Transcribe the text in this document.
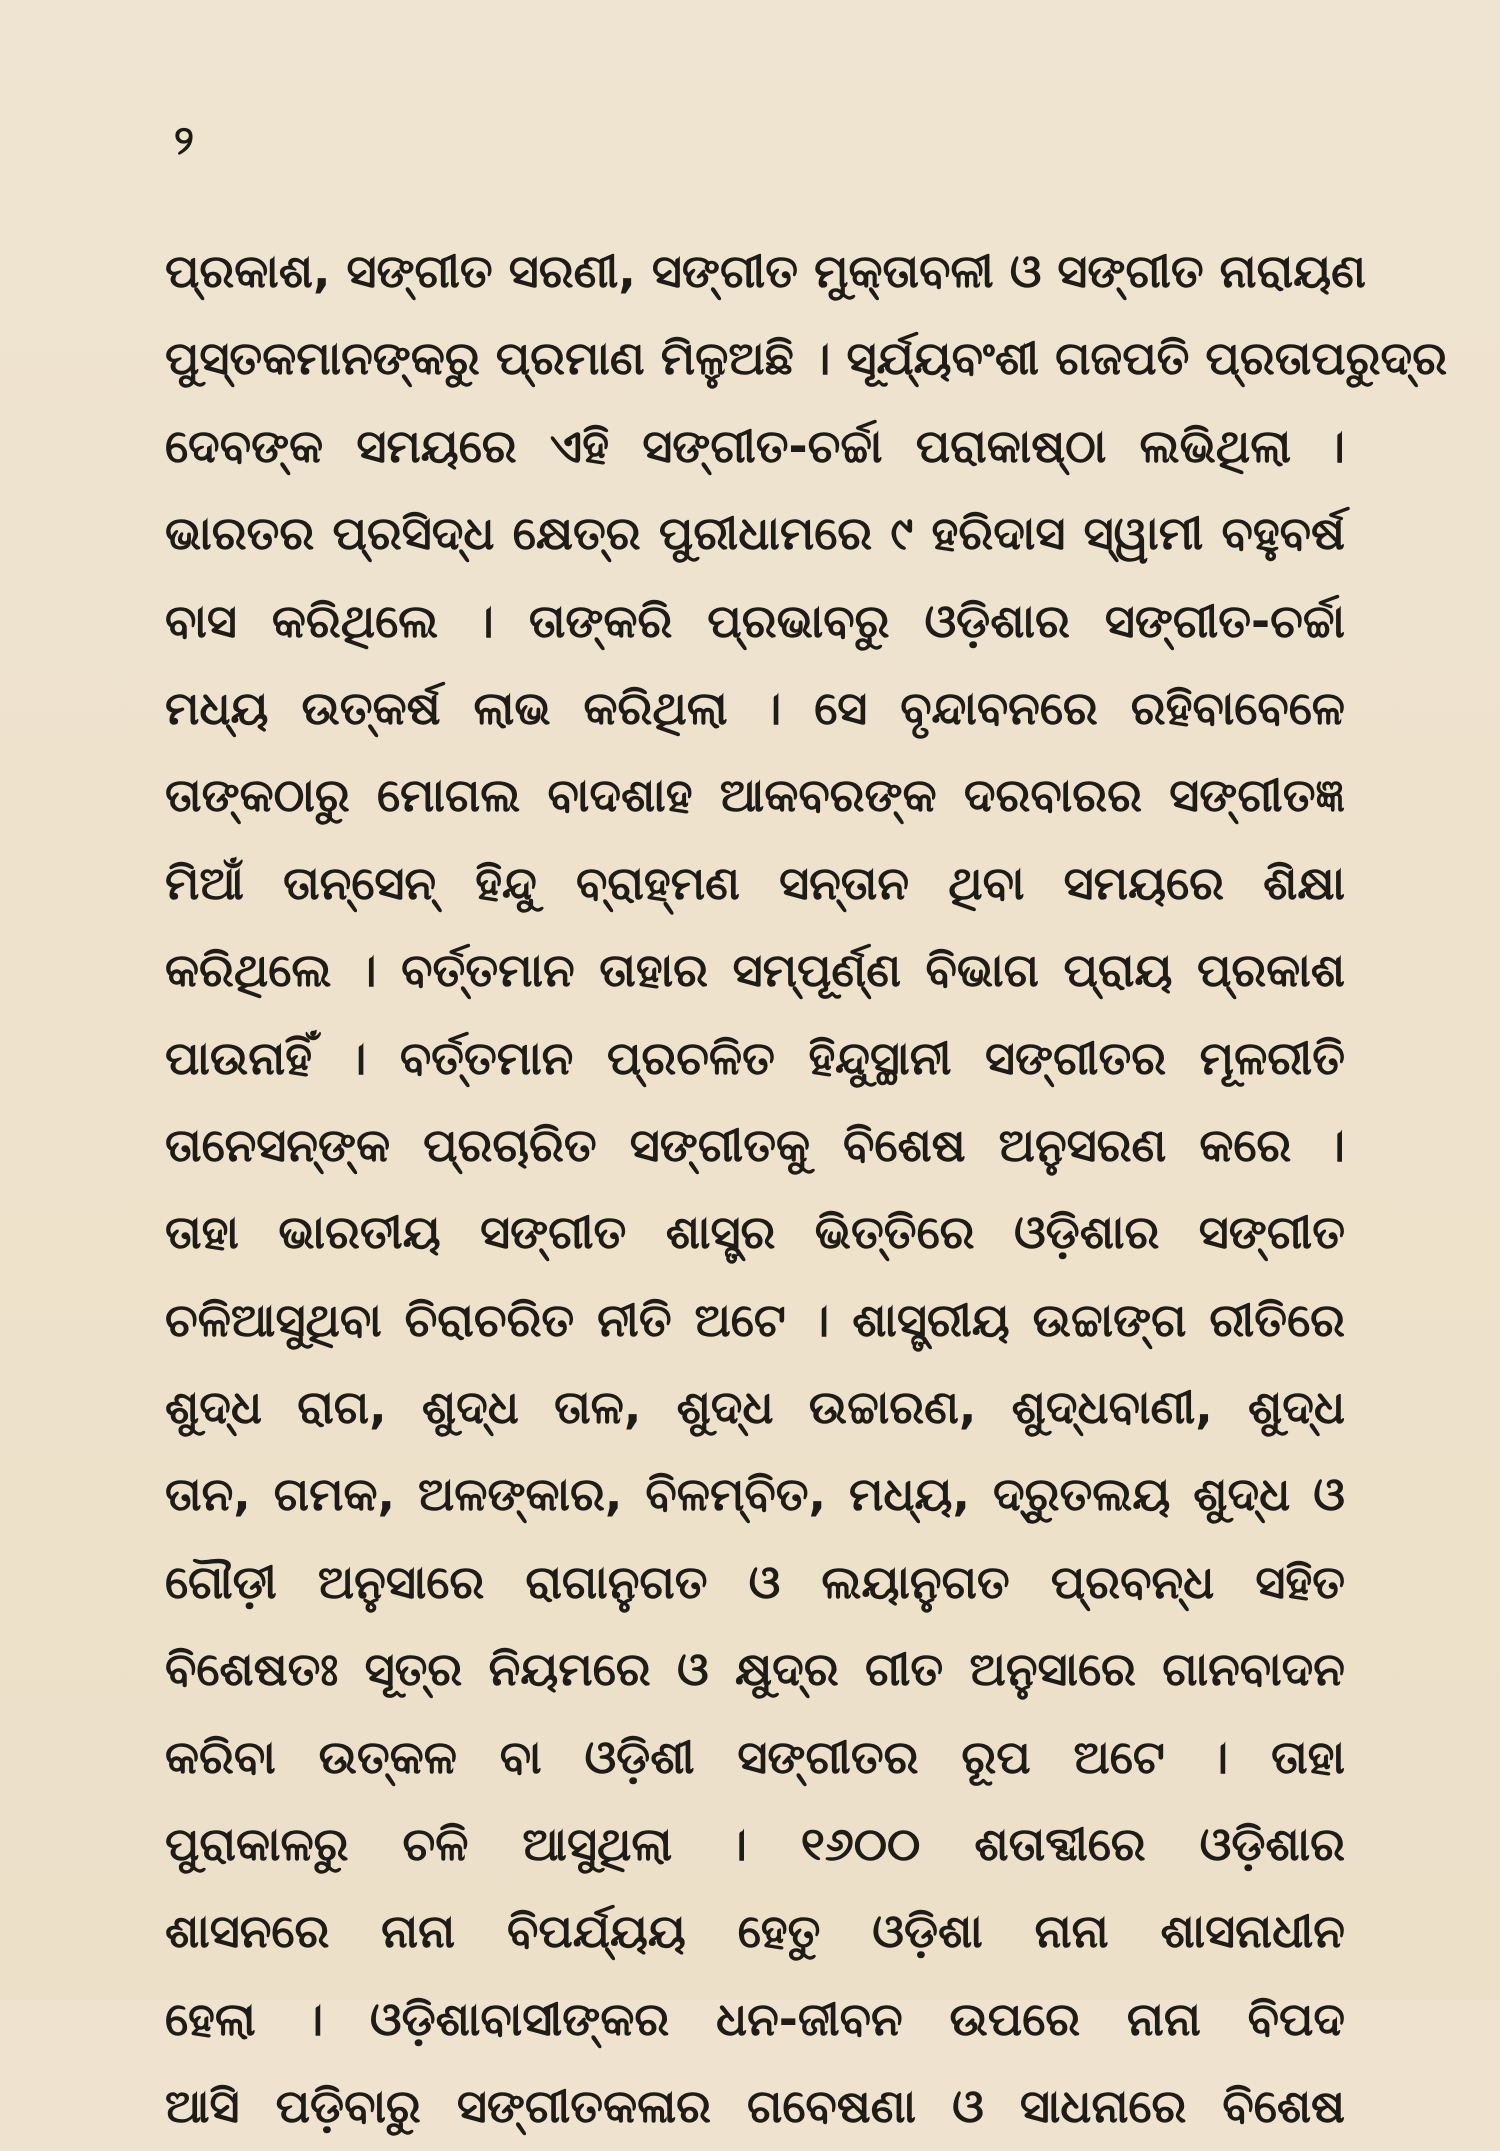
୨
ପ୍ରକାଶ, ସଙ୍ଗୀତ ସରଣୀ, ସଙ୍ଗୀତ ମୁକ୍ତାବଳୀ ଓ ସଙ୍ଗୀତ ନାରାୟଣ
ପୁସ୍ତକମାନଙ୍କରୁ ପ୍ରମାଣ ମିଳୁଅଛି । ସୂର୍ଯ୍ୟବଂଶୀ ଗଜପତି ପ୍ରତାପରୁଦ୍ର
ଦେବଙ୍କ ସମୟରେ ଏହି ସଙ୍ଗୀତ-ଚର୍ଚ୍ଚା ପରାକାଷ୍ଠା ଲଭିଥିଲା ।
ଭାରତର ପ୍ରସିଦ୍ଧ କ୍ଷେତ୍ର ପୁରୀଧାମରେ ୯ ହରିଦାସ ସ୍ୱାମୀ ବହୁବର୍ଷ
ବାସ କରିଥିଲେ । ତାଙ୍କରି ପ୍ରଭାବରୁ ଓଡ଼ିଶାର ସଙ୍ଗୀତ-ଚର୍ଚ୍ଚା
ମଧ୍ୟ ଉତ୍କର୍ଷ ଲାଭ କରିଥିଲା । ସେ ବୃନ୍ଦାବନରେ ରହିବାବେଳେ
ତାଙ୍କଠାରୁ ମୋଗଲ ବାଦଶାହ ଆକବରଙ୍କ ଦରବାରର ସଙ୍ଗୀତଜ୍ଞ
ମିଆଁ ତାନ୍‌ସେନ୍ ହିନ୍ଦୁ ବ୍ରାହ୍ମଣ ସନ୍ତାନ ଥିବା ସମୟରେ ଶିକ୍ଷା
କରିଥିଲେ । ବର୍ତ୍ତମାନ ତାହାର ସମ୍ପୂର୍ଣ୍ଣ ବିଭାଗ ପ୍ରାୟ ପ୍ରକାଶ
ପାଉନାହିଁ । ବର୍ତ୍ତମାନ ପ୍ରଚଳିତ ହିନ୍ଦୁସ୍ଥାନୀ ସଙ୍ଗୀତର ମୂଳରୀତି
ତାନେସନ୍‌ଙ୍କ ପ୍ରଚାରିତ ସଙ୍ଗୀତକୁ ବିଶେଷ ଅନୁସରଣ କରେ ।
ତାହା ଭାରତୀୟ ସଙ୍ଗୀତ ଶାସ୍ତ୍ର ଭିତ୍ତିରେ ଓଡ଼ିଶାର ସଙ୍ଗୀତ
ଚଳିଆସୁଥିବା ଚିରାଚରିତ ନୀତି ଅଟେ । ଶାସ୍ତ୍ରୀୟ ଉଚ୍ଚାଙ୍ଗ ରୀତିରେ
ଶୁଦ୍ଧ ରାଗ, ଶୁଦ୍ଧ ତାଳ, ଶୁଦ୍ଧ ଉଚ୍ଚାରଣ, ଶୁଦ୍ଧବାଣୀ, ଶୁଦ୍ଧ
ତାନ, ଗମକ, ଅଳଙ୍କାର, ବିଳମ୍ବିତ, ମଧ୍ୟ, ଦ୍ରୁତଲୟ ଶୁଦ୍ଧ ଓ
ଗୌଡ଼ୀ ଅନୁସାରେ ରାଗାନୁଗତ ଓ ଲୟାନୁଗତ ପ୍ରବନ୍ଧ ସହିତ
ବିଶେଷତଃ ସୂତ୍ର ନିୟମରେ ଓ କ୍ଷୁଦ୍ର ଗୀତ ଅନୁସାରେ ଗାନବାଦନ
କରିବା ଉତ୍କଳ ବା ଓଡ଼ିଶୀ ସଙ୍ଗୀତର ରୂପ ଅଟେ । ତାହା
ପୁରାକାଳରୁ ଚଳି ଆସୁଥିଲା । ୧୬୦୦ ଶତାବ୍ଦୀରେ ଓଡ଼ିଶାର
ଶାସନରେ ନାନା ବିପର୍ଯ୍ୟୟ ହେତୁ ଓଡ଼ିଶା ନାନା ଶାସନାଧୀନ
ହେଲା । ଓଡ଼ିଶାବାସୀଙ୍କର ଧନ-ଜୀବନ ଉପରେ ନାନା ବିପଦ
ଆସି ପଡ଼ିବାରୁ ସଙ୍ଗୀତକଳାର ଗବେଷଣା ଓ ସାଧନାରେ ବିଶେଷ
